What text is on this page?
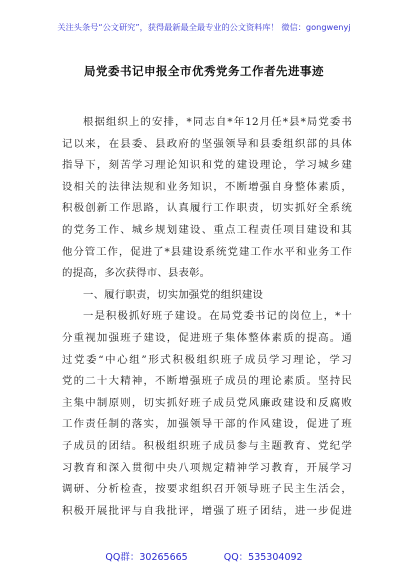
关注头条号“公文研究”，获得最新最全最专业的公文资料库！ 微信：gongwenyj
局党委书记申报全市优秀党务工作者先进事迹
根据组织上的安排，*同志自*年12月任*县*局党委书
记以来，在县委、县政府的坚强领导和县委组织部的具体
指导下，刻苦学习理论知识和党的建设理论，学习城乡建
设相关的法律法规和业务知识，不断增强自身整体素质，
积极创新工作思路，认真履行工作职责，切实抓好全系统
的党务工作、城乡规划建设、重点工程责任项目建设和其
他分管工作，促进了*县建设系统党建工作水平和业务工作
的提高，多次获得市、县表彰。
一、履行职责，切实加强党的组织建设
一是积极抓好班子建设。在局党委书记的岗位上，*十
分重视加强班子建设，促进班子集体整体素质的提高。通
过党委“中心组”形式积极组织班子成员学习理论，学习
党的二十大精神，不断增强班子成员的理论素质。坚持民
主集中制原则，切实抓好班子成员党风廉政建设和反腐败
工作责任制的落实，加强领导干部的作风建设，促进了班
子成员的团结。积极组织班子成员参与主题教育、党纪学
习教育和深入贯彻中央八项规定精神学习教育，开展学习
调研、分析检查，按要求组织召开领导班子民主生活会，
积极开展批评与自我批评，增强了班子团结，进一步促进
QQ群：30265665	QQ：535304092
